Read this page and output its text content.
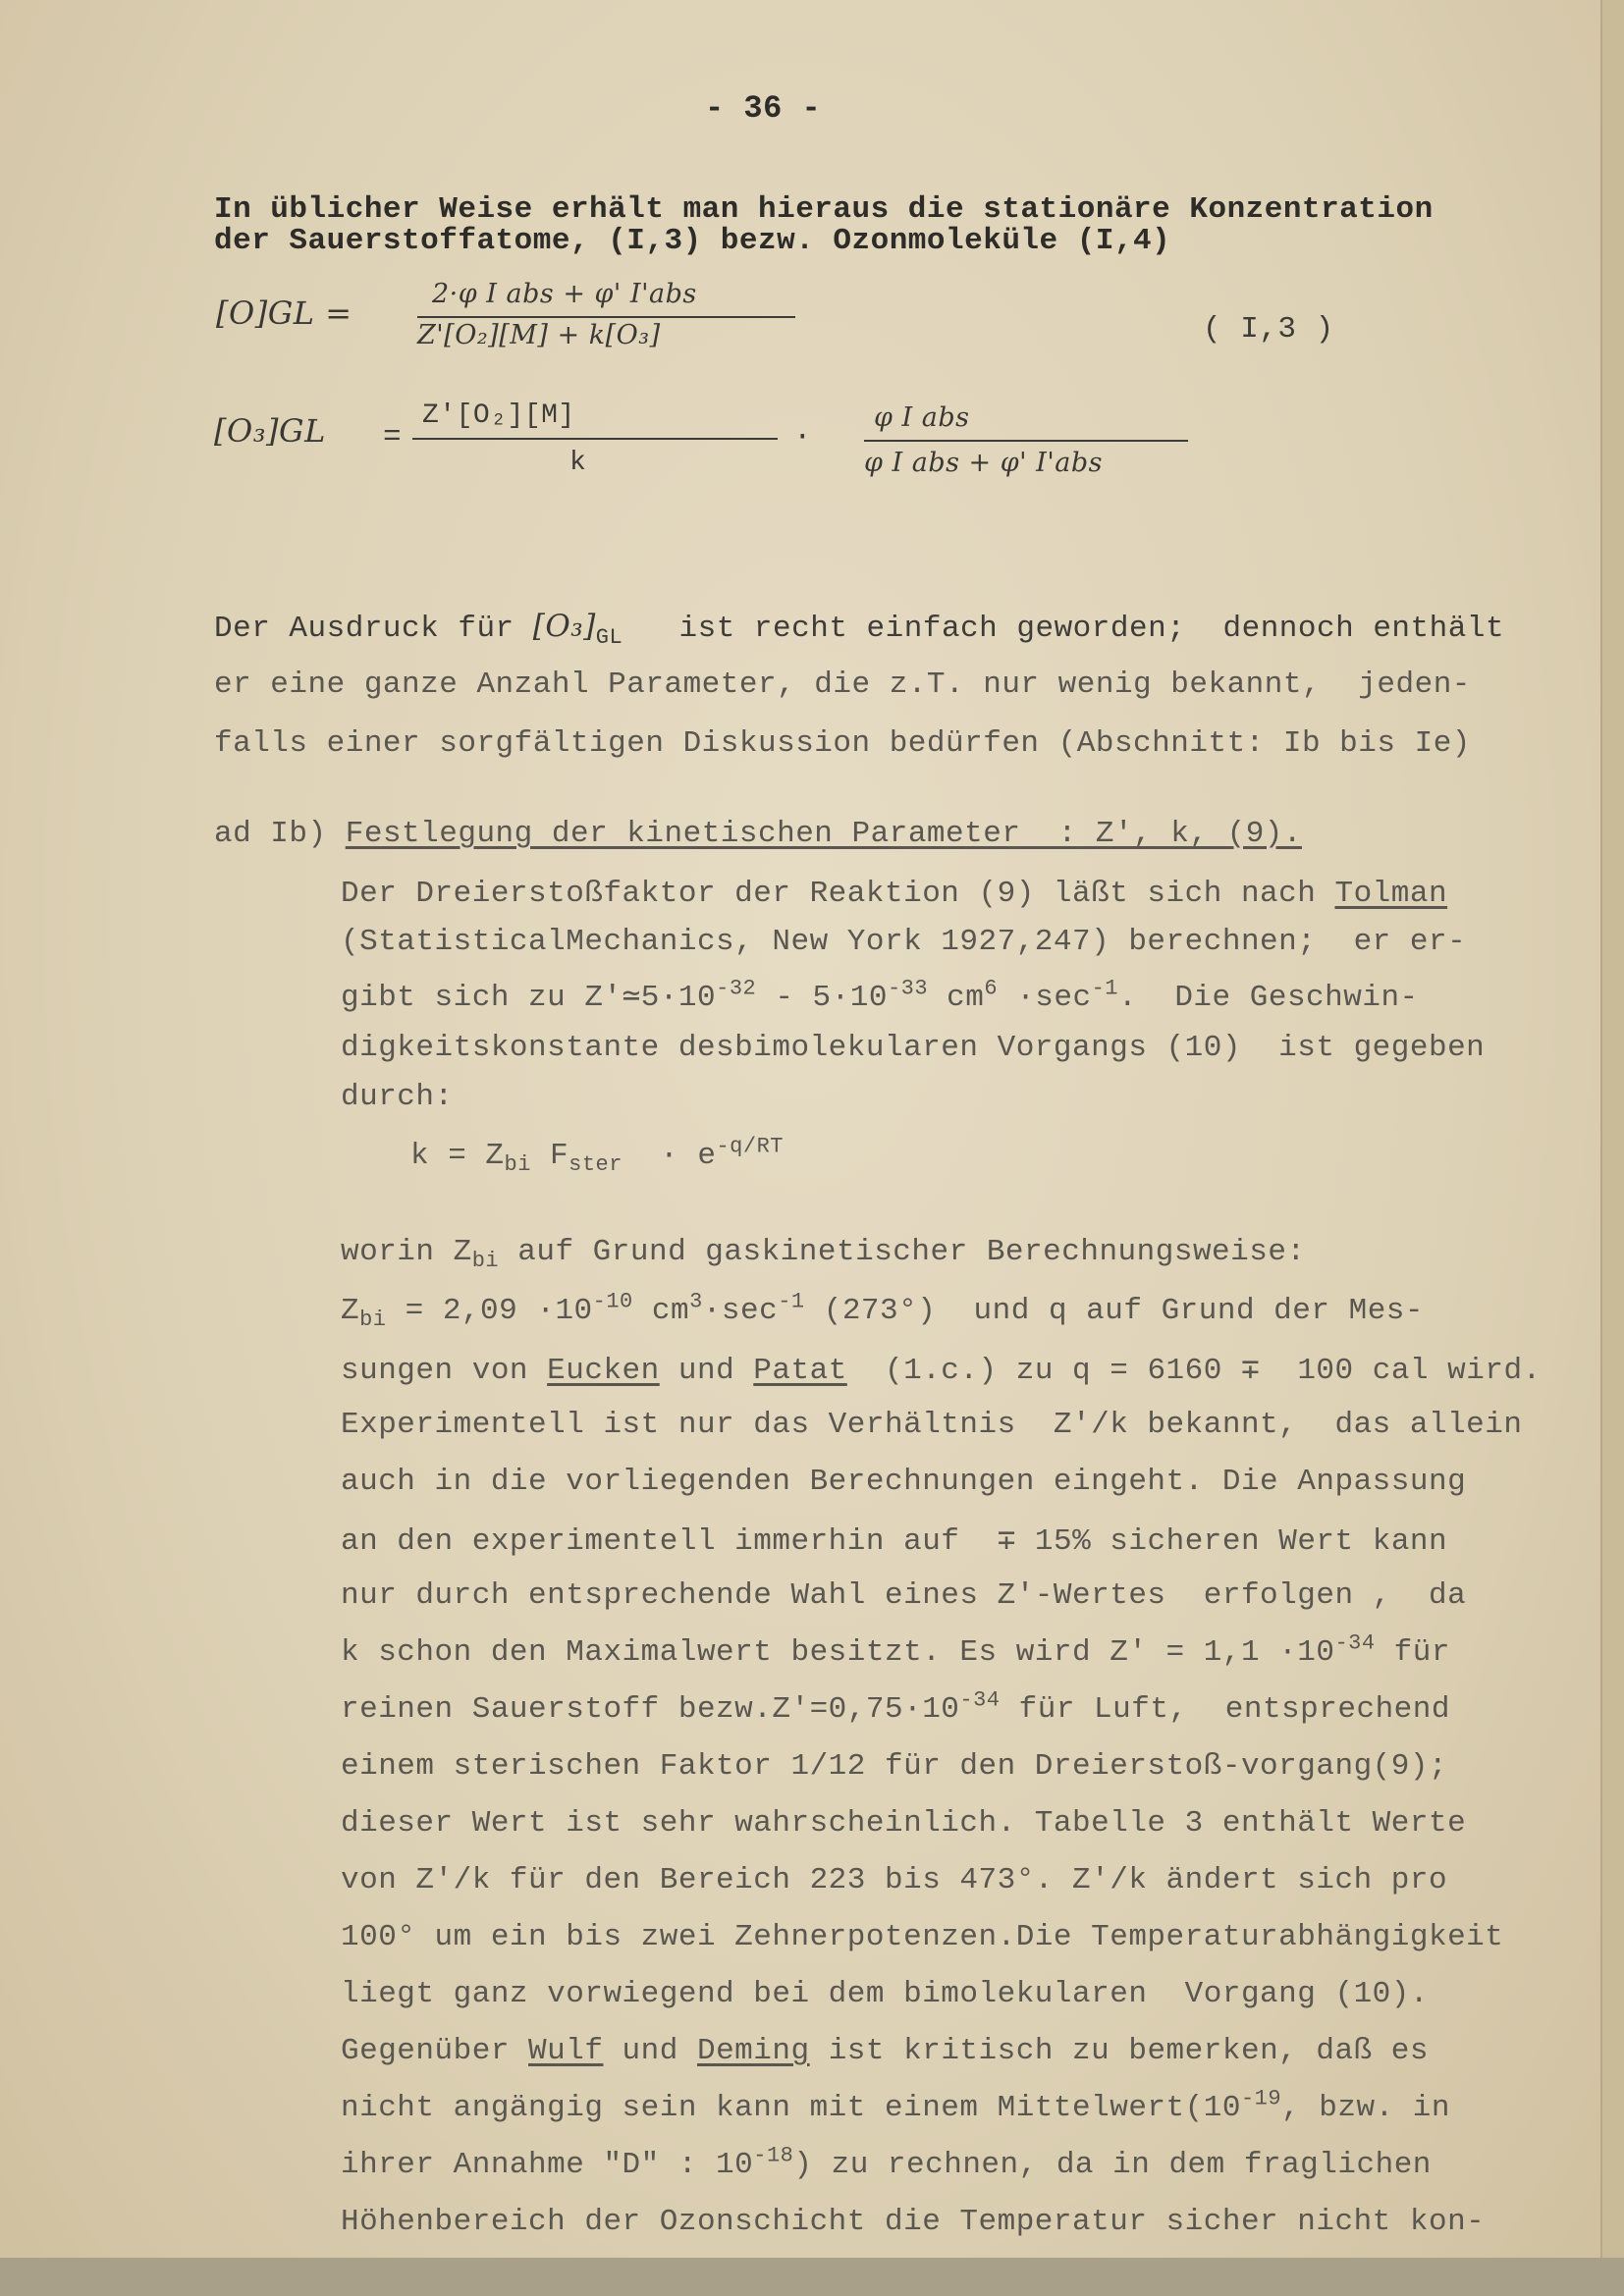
- 36 -
In üblicher Weise erhält man hieraus die stationäre Konzentration
der Sauerstoffatome, (I,3) bezw. Ozonmoleküle (I,4)
[O]GL =
2·φ I abs + φ' I'abs
Z'[O₂][M] + k[O₃]	( I,3 )
[O₃]GL =
Z'[O₂][M]
k
·
φ I abs
φ I abs + φ' I'abs
Der Ausdruck für $[O_3]_{GL}$   ist recht einfach geworden;  dennoch enthält
er eine ganze Anzahl Parameter, die z.T. nur wenig bekannt,  jeden-
falls einer sorgfältigen Diskussion bedürfen (Abschnitt: Ib bis Ie)
ad Ib) Festlegung der kinetischen Parameter  : Z', k, (9).
Der Dreierstoßfaktor der Reaktion (9) läßt sich nach Tolman
(StatisticalMechanics, New York 1927,247) berechnen;  er er-
gibt sich zu $Z'≃5\cdot 10^{-32} - 5\cdot 10^{-33}$ $cm^6 \cdot\sec^{-1}$.  Die Geschwin-
digkeitskonstante desbimolekularen Vorgangs (10)  ist gegeben
durch:
$k = Z_{bi}$ $F_{ster} \cdot e^{-q/RT}$
worin $Z_{bi}$ auf Grund gaskinetischer Berechnungsweise:
$Z_{bi} = 2,09 \cdot 10^{-10}$ $cm^3\cdot\sec^{-1}$ (273°)  und q auf Grund der Mes-
sungen von Eucken und Patat  (1.c.) zu q = 6160 ∓  100 cal wird.
Experimentell ist nur das Verhältnis  Z'/k bekannt,  das allein
auch in die vorliegenden Berechnungen eingeht. Die Anpassung
an den experimentell immerhin auf  ∓ 15% sicheren Wert kann
nur durch entsprechende Wahl eines Z'-Wertes  erfolgen ,  da
k schon den Maximalwert besitzt. Es wird $Z' = 1,1 \cdot 10^{-34}$ für
reinen Sauerstoff $bezw.Z'=0,75\cdot 10^{-34}$ für Luft,  entsprechend
einem sterischen Faktor 1/12 für den Dreierstoß-vorgang(9);
dieser Wert ist sehr wahrscheinlich. Tabelle 3 enthält Werte
von Z'/k für den Bereich 223 bis 473°. Z'/k ändert sich pro
100° um ein bis zwei Zehnerpotenzen.Die Temperaturabhängigkeit
liegt ganz vorwiegend bei dem bimolekularen  Vorgang (10).
Gegenüber Wulf und Deming ist kritisch zu bemerken, daß es
nicht angängig sein kann mit einem $Mittelwert(10^{-19}$, bzw. in
ihrer Annahme "D" : $10^{-18}$) zu rechnen, da in dem fraglichen
Höhenbereich der Ozonschicht die Temperatur sicher nicht kon-
